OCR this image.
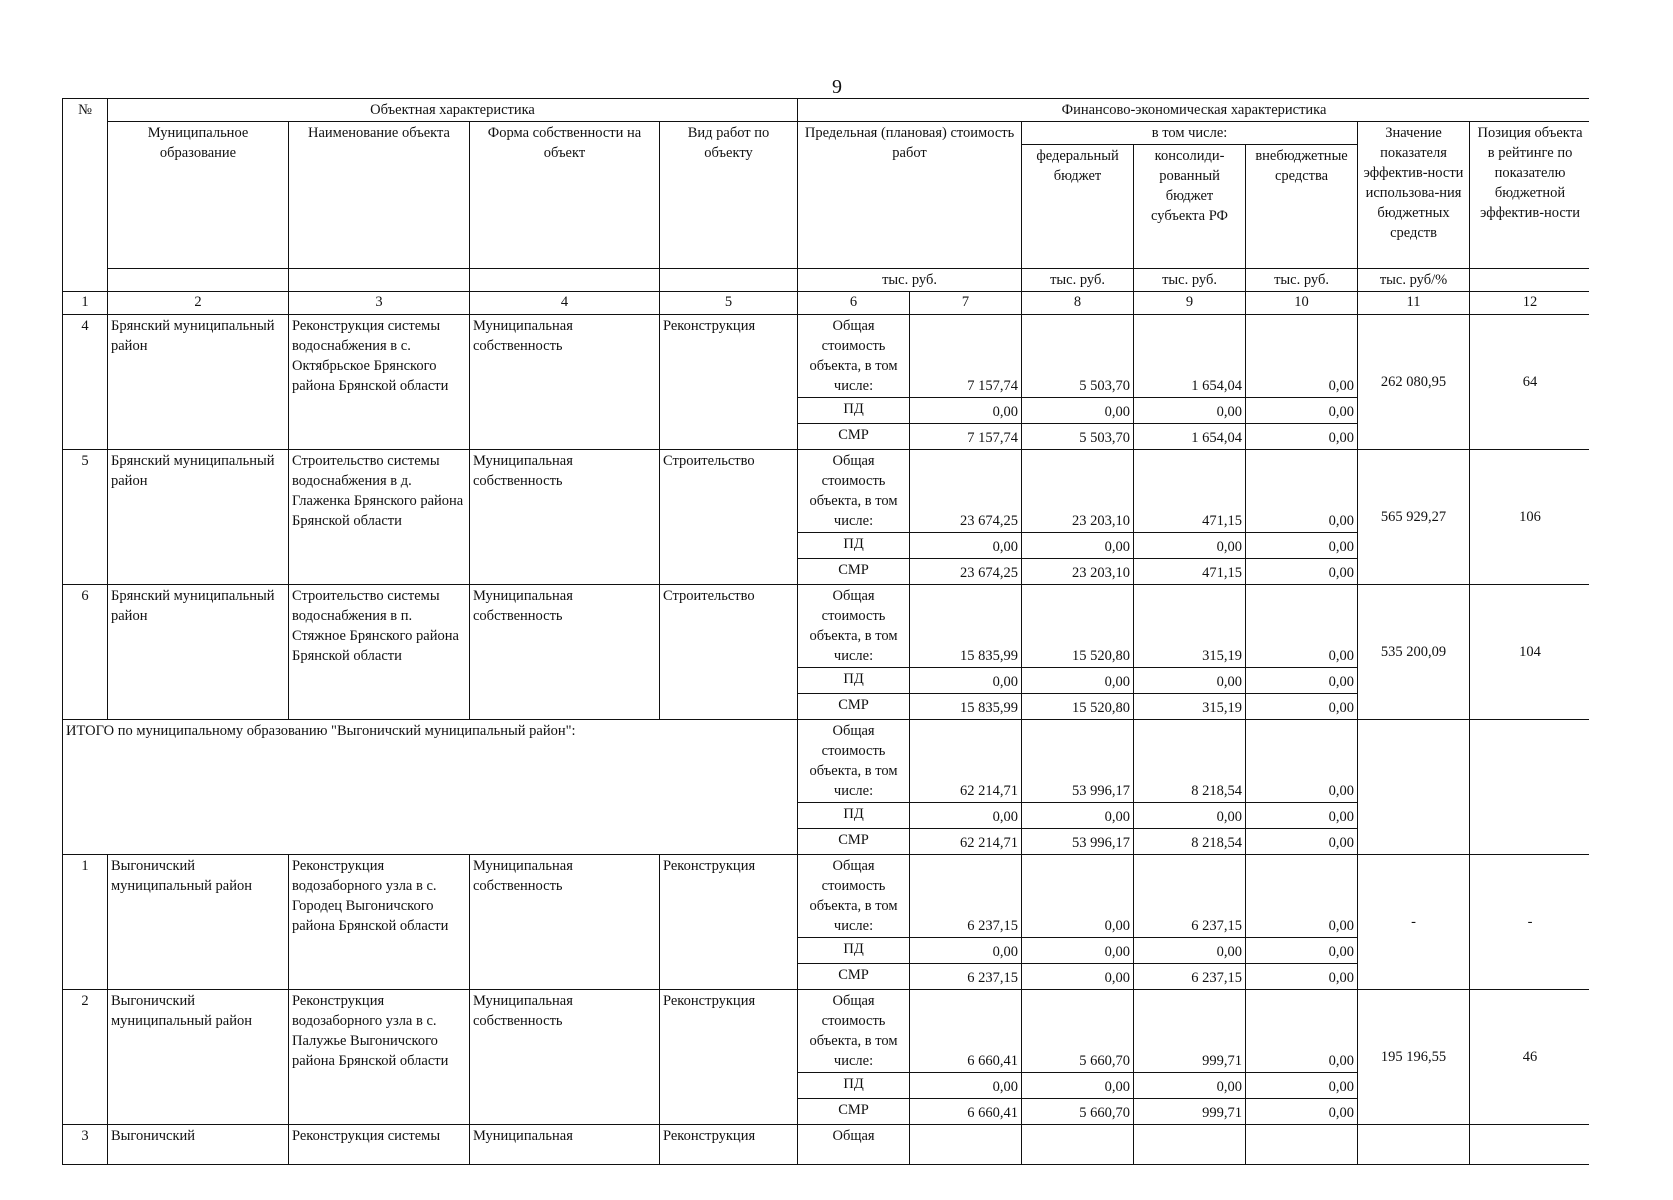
9
№	Объектная характеристика				Финансово-экономическая характеристика						
	Муниципальное образование	Наименование объекта	Форма собственности на объект	Вид работ по объекту	Предельная (плановая) стоимость работ		в том числе:			Значение показателя эффектив-ности использова-ния бюджетных средств	Позиция объекта в рейтинге по показателю бюджетной эффектив-ности
							федеральный бюджет	консолиди-рованный бюджет субъекта РФ	внебюджетные средства		
					тыс. руб.		тыс. руб.	тыс. руб.	тыс. руб.	тыс. руб/%	
1	2	3	4	5	6	7	8	9	10	11	12
4	Брянский муниципальный район	Реконструкция системы водоснабжения в с. Октябрьское Брянского района Брянской области	Муниципальная собственность	Реконструкция	Общая стоимость объекта, в том числе:	7 157,74	5 503,70	1 654,04	0,00	262 080,95	64
					ПД	0,00	0,00	0,00	0,00		
					СМР	7 157,74	5 503,70	1 654,04	0,00		
5	Брянский муниципальный район	Строительство системы водоснабжения в д. Глаженка Брянского района Брянской области	Муниципальная собственность	Строительство	Общая стоимость объекта, в том числе:	23 674,25	23 203,10	471,15	0,00	565 929,27	106
					ПД	0,00	0,00	0,00	0,00		
					СМР	23 674,25	23 203,10	471,15	0,00		
6	Брянский муниципальный район	Строительство системы водоснабжения в п. Стяжное Брянского района Брянской области	Муниципальная собственность	Строительство	Общая стоимость объекта, в том числе:	15 835,99	15 520,80	315,19	0,00	535 200,09	104
					ПД	0,00	0,00	0,00	0,00		
					СМР	15 835,99	15 520,80	315,19	0,00		
ИТОГО по муниципальному образованию "Выгоничский муниципальный район":					Общая стоимость объекта, в том числе:	62 214,71	53 996,17	8 218,54	0,00		
					ПД	0,00	0,00	0,00	0,00		
					СМР	62 214,71	53 996,17	8 218,54	0,00		
1	Выгоничский муниципальный район	Реконструкция водозаборного узла в с. Городец Выгоничского района Брянской области	Муниципальная собственность	Реконструкция	Общая стоимость объекта, в том числе:	6 237,15	0,00	6 237,15	0,00	-	-
					ПД	0,00	0,00	0,00	0,00		
					СМР	6 237,15	0,00	6 237,15	0,00		
2	Выгоничский муниципальный район	Реконструкция водозаборного узла в с. Палужье Выгоничского района Брянской области	Муниципальная собственность	Реконструкция	Общая стоимость объекта, в том числе:	6 660,41	5 660,70	999,71	0,00	195 196,55	46
					ПД	0,00	0,00	0,00	0,00		
					СМР	6 660,41	5 660,70	999,71	0,00		
3	Выгоничский	Реконструкция системы	Муниципальная	Реконструкция	Общая						
